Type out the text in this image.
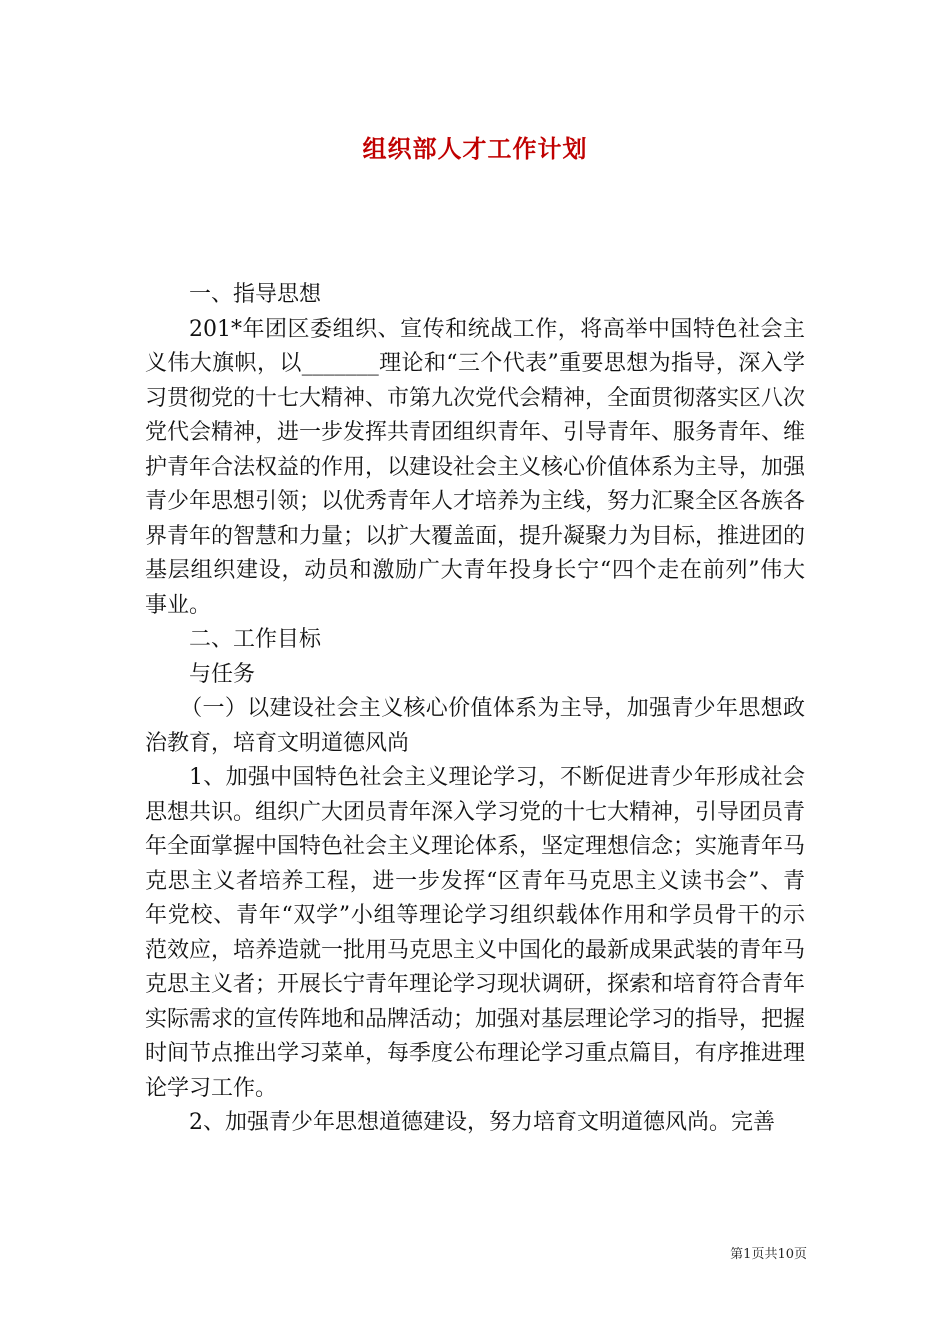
组织部人才工作计划

一、指导思想

201*年团区委组织、宣传和统战工作，将高举中国特色社会主义伟大旗帜，以_______理论和“三个代表”重要思想为指导，深入学习贯彻党的十七大精神、市第九次党代会精神，全面贯彻落实区八次党代会精神，进一步发挥共青团组织青年、引导青年、服务青年、维护青年合法权益的作用，以建设社会主义核心价值体系为主导，加强青少年思想引领；以优秀青年人才培养为主线，努力汇聚全区各族各界青年的智慧和力量；以扩大覆盖面，提升凝聚力为目标，推进团的基层组织建设，动员和激励广大青年投身长宁“四个走在前列”伟大事业。

二、工作目标

与任务

（一）以建设社会主义核心价值体系为主导，加强青少年思想政治教育，培育文明道德风尚

1、加强中国特色社会主义理论学习，不断促进青少年形成社会思想共识。组织广大团员青年深入学习党的十七大精神，引导团员青年全面掌握中国特色社会主义理论体系，坚定理想信念；实施青年马克思主义者培养工程，进一步发挥“区青年马克思主义读书会”、青年党校、青年“双学”小组等理论学习组织载体作用和学员骨干的示范效应，培养造就一批用马克思主义中国化的最新成果武装的青年马克思主义者；开展长宁青年理论学习现状调研，探索和培育符合青年实际需求的宣传阵地和品牌活动；加强对基层理论学习的指导，把握时间节点推出学习菜单，每季度公布理论学习重点篇目，有序推进理论学习工作。

2、加强青少年思想道德建设，努力培育文明道德风尚。完善

第1页共10页
